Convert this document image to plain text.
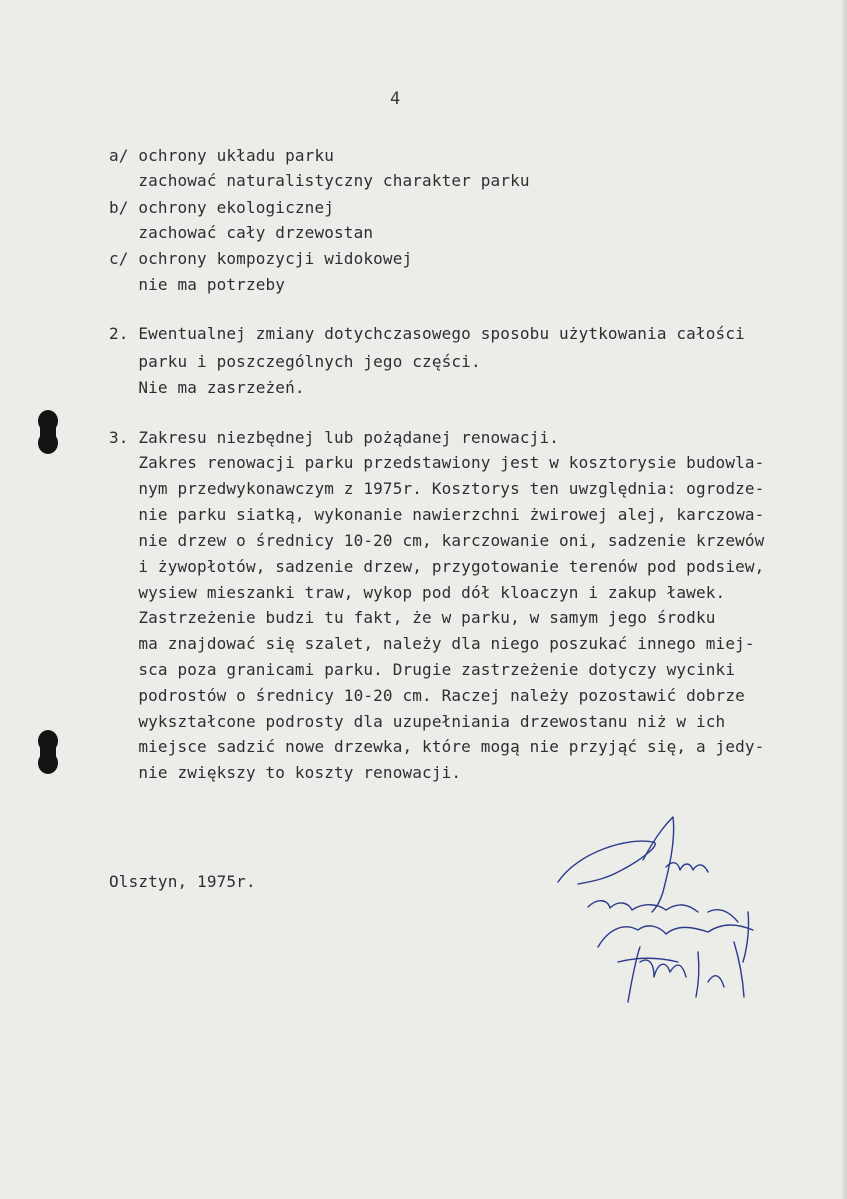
4
a/ ochrony układu parku
zachować naturalistyczny charakter parku
b/ ochrony ekologicznej
zachować cały drzewostan
c/ ochrony kompozycji widokowej
nie ma potrzeby
2. Ewentualnej zmiany dotychczasowego sposobu użytkowania całości
parku i poszczególnych jego części.
Nie ma zasrzeżeń.
3. Zakresu niezbędnej lub pożądanej renowacji.
Zakres renowacji parku przedstawiony jest w kosztorysie budowla-
nym przedwykonawczym z 1975r. Kosztorys ten uwzględnia: ogrodze-
nie parku siatką, wykonanie nawierzchni żwirowej alej, karczowa-
nie drzew o średnicy 10-20 cm, karczowanie oni, sadzenie krzewów
i żywopłotów, sadzenie drzew, przygotowanie terenów pod podsiew,
wysiew mieszanki traw, wykop pod dół kloaczyn i zakup ławek.
Zastrzeżenie budzi tu fakt, że w parku, w samym jego środku
ma znajdować się szalet, należy dla niego poszukać innego miej-
sca poza granicami parku. Drugie zastrzeżenie dotyczy wycinki
podrostów o średnicy 10-20 cm. Raczej należy pozostawić dobrze
wykształcone podrosty dla uzupełniania drzewostanu niż w ich
miejsce sadzić nowe drzewka, które mogą nie przyjąć się, a jedy-
nie zwiększy to koszty renowacji.
Olsztyn, 1975r.
